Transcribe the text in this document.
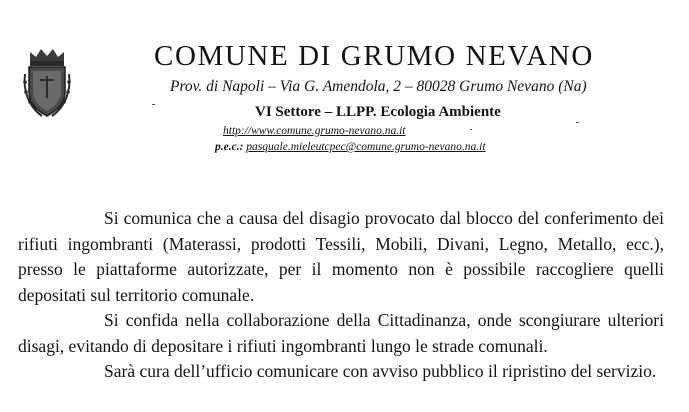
COMUNE DI GRUMO NEVANO
Prov. di Napoli – Via G. Amendola, 2 – 80028 Grumo Nevano (Na)
VI Settore – LLPP. Ecologia Ambiente
http://www.comune.grumo-nevano.na.it
p.e.c.: pasquale.mieleutcpec@comune.grumo-nevano.na.it

Si comunica che a causa del disagio provocato dal blocco del conferimento dei rifiuti ingombranti (Materassi, prodotti Tessili, Mobili, Divani, Legno, Metallo, ecc.), presso le piattaforme autorizzate, per il momento non è possibile raccogliere quelli depositati sul territorio comunale.

Si confida nella collaborazione della Cittadinanza, onde scongiurare ulteriori disagi, evitando di depositare i rifiuti ingombranti lungo le strade comunali.

Sarà cura dell’ufficio comunicare con avviso pubblico il ripristino del servizio.
